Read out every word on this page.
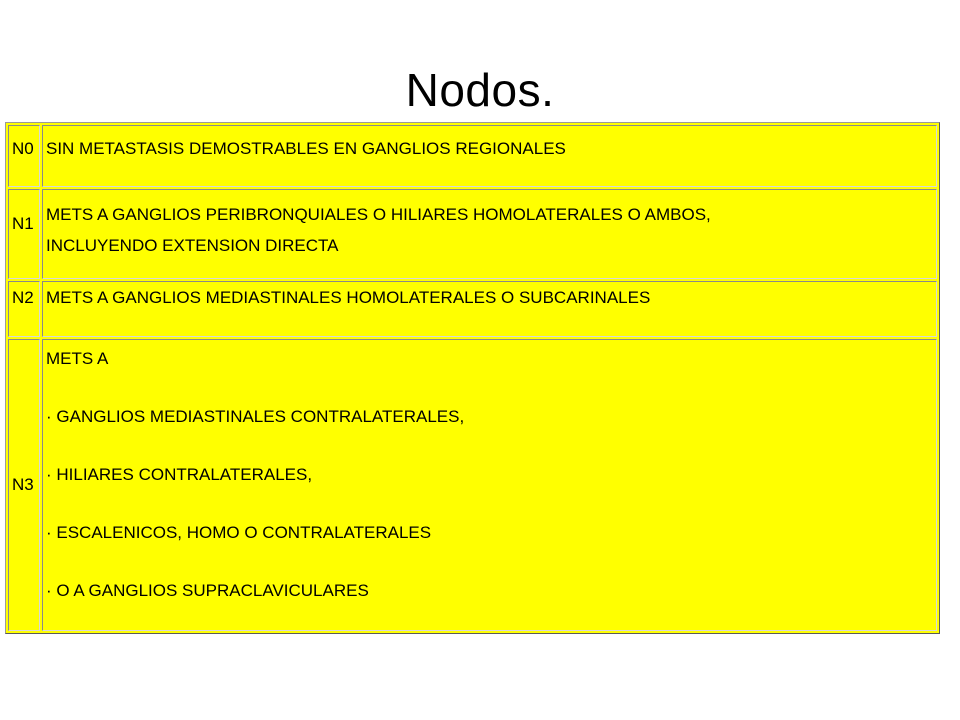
Nodos.
N0	SIN METASTASIS DEMOSTRABLES EN GANGLIOS REGIONALES
N1	METS A GANGLIOS PERIBRONQUIALES O HILIARES HOMOLATERALES O AMBOS,
INCLUYENDO EXTENSION DIRECTA
N2	METS A GANGLIOS MEDIASTINALES HOMOLATERALES O SUBCARINALES
N3	METS A
· GANGLIOS MEDIASTINALES CONTRALATERALES,
· HILIARES CONTRALATERALES,
· ESCALENICOS, HOMO O CONTRALATERALES
· O A GANGLIOS SUPRACLAVICULARES
